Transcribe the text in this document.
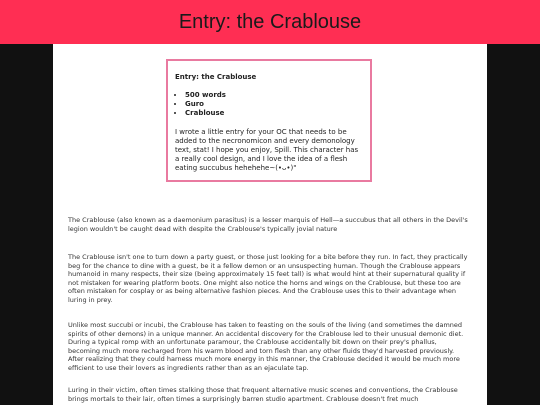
Entry: the Crablouse
Entry: the Crablouse
• 500 words
• Guro
• Crablouse

I wrote a little entry for your OC that needs to be added to the necronomicon and every demonology text, stat! I hope you enjoy, Spill. This character has a really cool design, and I love the idea of a flesh eating succubus hehehehe~(•ᴗ•)"

The Crablouse (also known as a daemonium parasitus) is a lesser marquis of Hell—a succubus that all others in the Devil's legion wouldn't be caught dead with despite the Crablouse's typically jovial nature

The Crablouse isn't one to turn down a party guest, or those just looking for a bite before they run. In fact, they practically beg for the chance to dine with a guest, be it a fellow demon or an unsuspecting human. Though the Crablouse appears humanoid in many respects, their size (being approximately 15 feet tall) is what would hint at their supernatural quality if not mistaken for wearing platform boots. One might also notice the horns and wings on the Crablouse, but these too are often mistaken for cosplay or as being alternative fashion pieces. And the Crablouse uses this to their advantage when luring in prey.

Unlike most succubi or incubi, the Crablouse has taken to feasting on the souls of the living (and sometimes the damned spirits of other demons) in a unique manner. An accidental discovery for the Crablouse led to their unusual demonic diet. During a typical romp with an unfortunate paramour, the Crablouse accidentally bit down on their prey's phallus, becoming much more recharged from his warm blood and torn flesh than any other fluids they'd harvested previously. After realizing that they could harness much more energy in this manner, the Crablouse decided it would be much more efficient to use their lovers as ingredients rather than as an ejaculate tap.

Luring in their victim, often times stalking those that frequent alternative music scenes and conventions, the Crablouse brings mortals to their lair, often times a surprisingly barren studio apartment. Crablouse doesn't fret much
